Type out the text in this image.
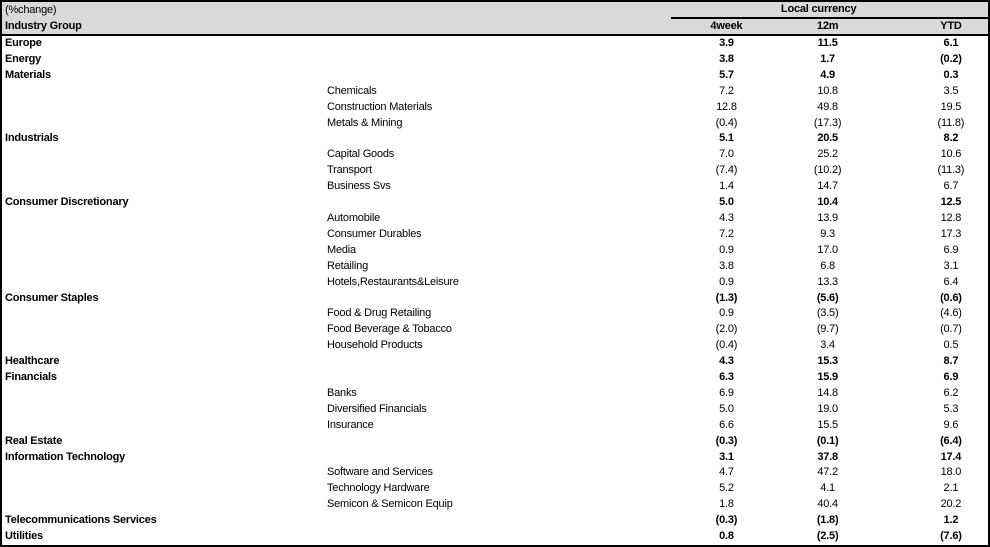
(%change)	Local currency			
Industry Group	4week	12m		YTD
Europe	3.9	11.5		6.1
Energy	3.8	1.7		(0.2)
Materials	5.7	4.9		0.3
Chemicals	7.2	10.8		3.5
Construction Materials	12.8	49.8		19.5
Metals & Mining	(0.4)	(17.3)		(11.8)
Industrials	5.1	20.5		8.2
Capital Goods	7.0	25.2		10.6
Transport	(7.4)	(10.2)		(11.3)
Business Svs	1.4	14.7		6.7
Consumer Discretionary	5.0	10.4		12.5
Automobile	4.3	13.9		12.8
Consumer Durables	7.2	9.3		17.3
Media	0.9	17.0		6.9
Retailing	3.8	6.8		3.1
Hotels,Restaurants&Leisure	0.9	13.3		6.4
Consumer Staples	(1.3)	(5.6)		(0.6)
Food & Drug Retailing	0.9	(3.5)		(4.6)
Food Beverage & Tobacco	(2.0)	(9.7)		(0.7)
Household Products	(0.4)	3.4		0.5
Healthcare	4.3	15.3		8.7
Financials	6.3	15.9		6.9
Banks	6.9	14.8		6.2
Diversified Financials	5.0	19.0		5.3
Insurance	6.6	15.5		9.6
Real Estate	(0.3)	(0.1)		(6.4)
Information Technology	3.1	37.8		17.4
Software and Services	4.7	47.2		18.0
Technology Hardware	5.2	4.1		2.1
Semicon & Semicon Equip	1.8	40.4		20.2
Telecommunications Services	(0.3)	(1.8)		1.2
Utilities	0.8	(2.5)		(7.6)
